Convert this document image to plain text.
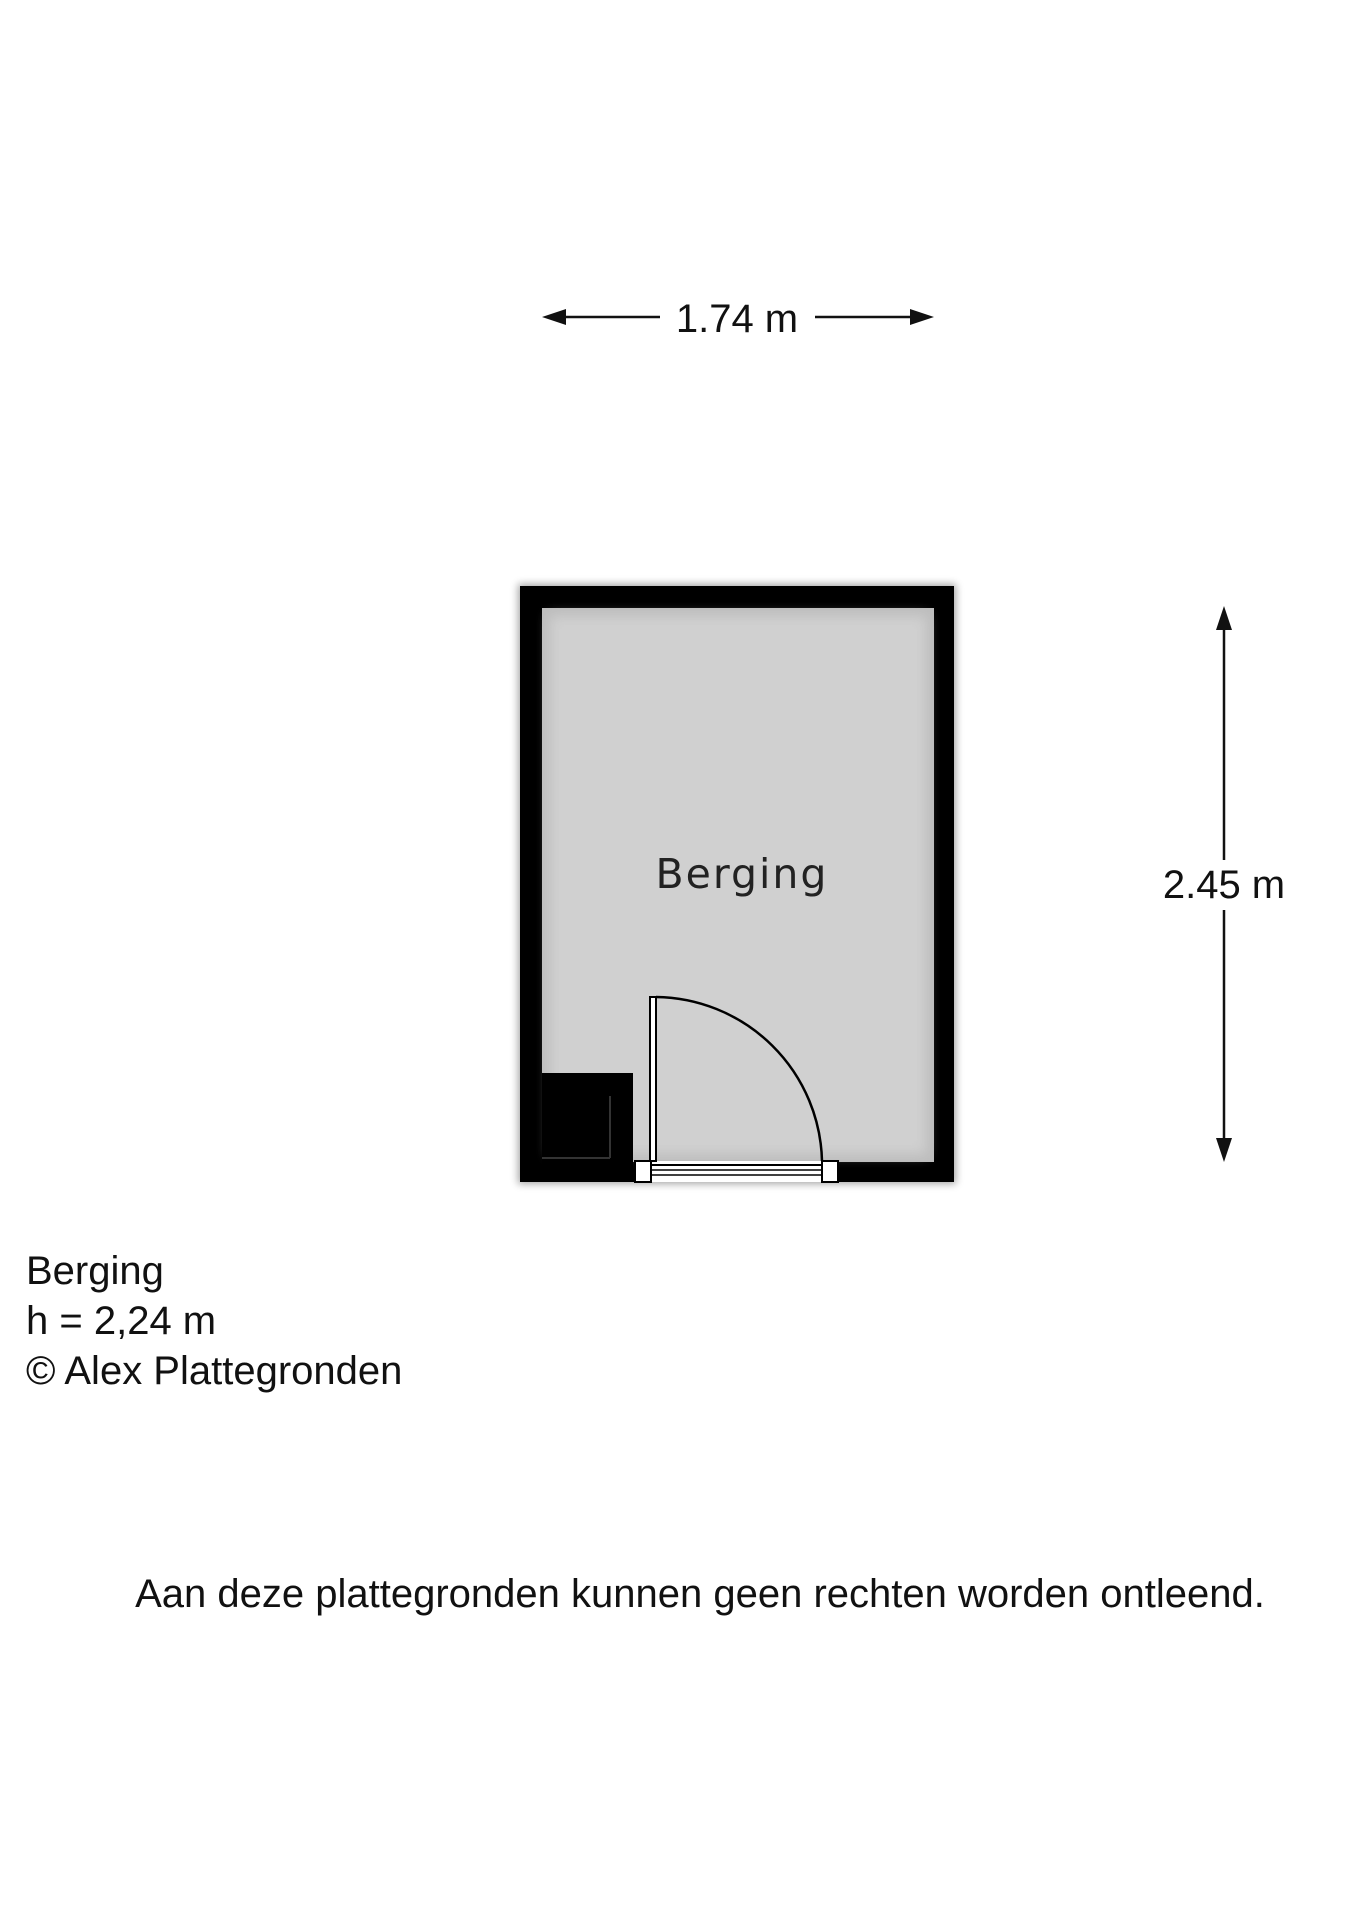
1.74 m
2.45 m
Berging
Berging
h = 2,24 m
© Alex Plattegronden
Aan deze plattegronden kunnen geen rechten worden ontleend.
